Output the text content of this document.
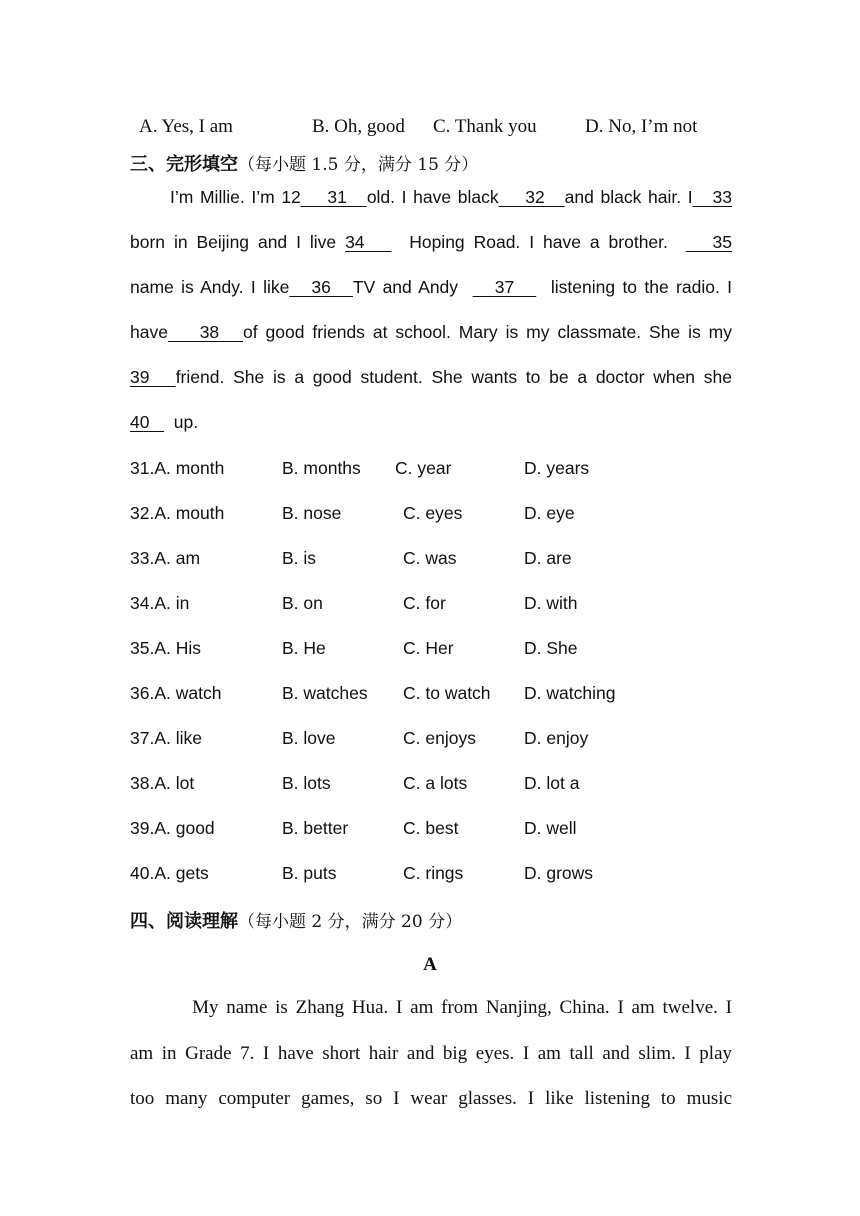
A. Yes, I am	B. Oh, good C. Thank you	D. No, I’m not
三、完形填空（每小题 1.5 分，满分 15 分）
I’m Millie. I’m 12    31   old. I have black    32   and black hair. I   33
born in Beijing and I live 34     Hoping Road. I have a brother.     35
name is Andy. I like   36   TV and Andy     37     listening to the radio. I
have    38   of good friends at school. Mary is my classmate. She is my
39   friend. She is a good student. She wants to be a doctor when she
40     up.
31.A. month	B. months C. year	D. years
32.A. mouth	B. nose	C. eyes	D. eye
33.A. am	B. is	C. was	D. are
34.A. in	B. on	C. for	D. with
35.A. His	B. He	C. Her	D. She
36.A. watch	B. watches C. to watch D. watching
37.A. like	B. love	C. enjoys	D. enjoy
38.A. lot	B. lots	C. a lots	D. lot a
39.A. good	B. better	C. best	D. well
40.A. gets	B. puts	C. rings	D. grows
四、阅读理解（每小题 2 分，满分 20 分）
A
My name is Zhang Hua. I am from Nanjing, China. I am twelve. I
am in Grade 7. I have short hair and big eyes. I am tall and slim. I play
too many computer games, so I wear glasses. I like listening to music
